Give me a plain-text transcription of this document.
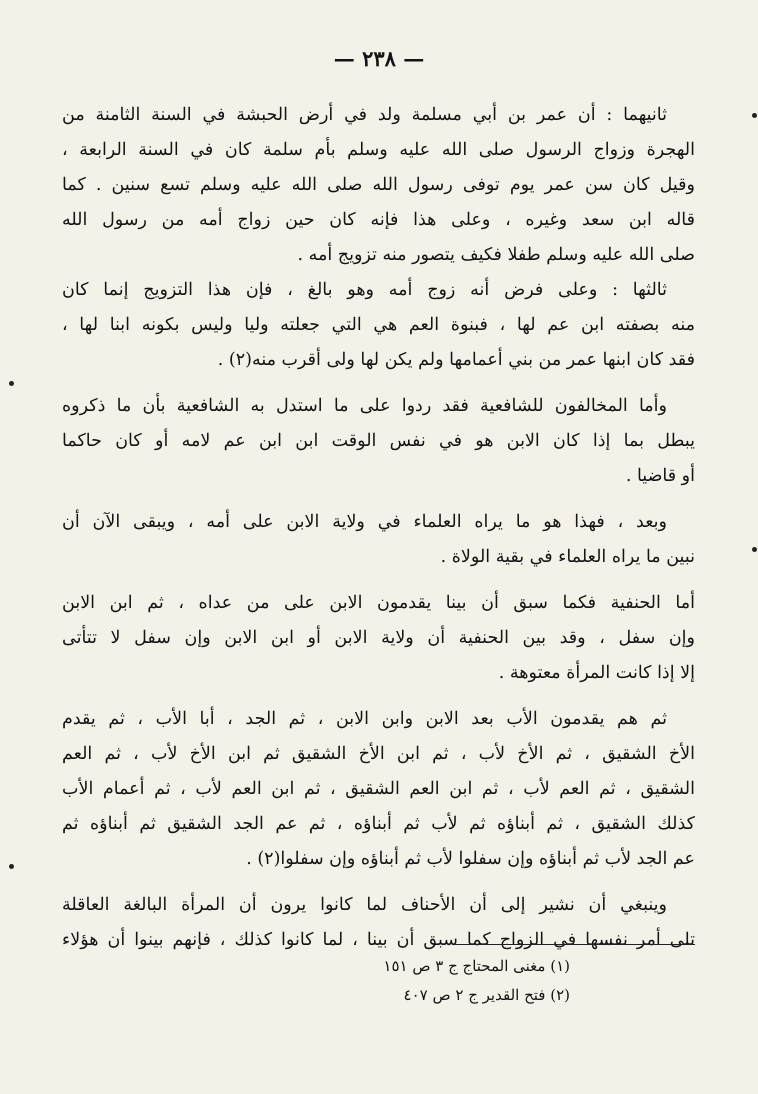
— ٢٣٨ —
ثانيهما : أن عمر بن أبي مسلمة ولد في أرض الحبشة في السنة الثامنة من
الهجرة وزواج الرسول صلى الله عليه وسلم بأم سلمة كان في السنة الرابعة ،
وقيل كان سن عمر يوم توفى رسول الله صلى الله عليه وسلم تسع سنين . كما
قاله ابن سعد وغيره ، وعلى هذا فإنه كان حين زواج أمه من رسول الله
صلى الله عليه وسلم طفلا فكيف يتصور منه تزويج أمه .
ثالثها : وعلى فرض أنه زوج أمه وهو بالغ ، فإن هذا التزويج إنما كان
منه بصفته ابن عم لها ، فبنوة العم هي التي جعلته وليا وليس بكونه ابنا لها ،
فقد كان ابنها عمر من بني أعمامها ولم يكن لها ولى أقرب منه(٢) .
وأما المخالفون للشافعية فقد ردوا على ما استدل به الشافعية بأن ما ذكروه
يبطل بما إذا كان الابن هو في نفس الوقت ابن ابن عم لامه أو كان حاكما
أو قاضيا .
وبعد ، فهذا هو ما يراه العلماء في ولاية الابن على أمه ، ويبقى الآن أن
نبين ما يراه العلماء في بقية الولاة .
أما الحنفية فكما سبق أن بينا يقدمون الابن على من عداه ، ثم ابن الابن
وإن سفل ، وقد بين الحنفية أن ولاية الابن أو ابن الابن وإن سفل لا تتأتى
إلا إذا كانت المرأة معتوهة .
ثم هم يقدمون الأب بعد الابن وابن الابن ، ثم الجد ، أبا الأب ، ثم يقدم
الأخ الشقيق ، ثم الأخ لأب ، ثم ابن الأخ الشقيق ثم ابن الأخ لأب ، ثم العم
الشقيق ، ثم العم لأب ، ثم ابن العم الشقيق ، ثم ابن العم لأب ، ثم أعمام الأب
كذلك الشقيق ، ثم أبناؤه ثم لأب ثم أبناؤه ، ثم عم الجد الشقيق ثم أبناؤه ثم
عم الجد لأب ثم أبناؤه وإن سفلوا لأب ثم أبناؤه وإن سفلوا(٢) .
وينبغي أن نشير إلى أن الأحناف لما كانوا يرون أن المرأة البالغة العاقلة
تلى أمر نفسها في الزواج كما سبق أن بينا ، لما كانوا كذلك ، فإنهم بينوا أن هؤلاء
(١) مغنى المحتاج ج ٣ ص ١٥١
(٢) فتح القدير ج ٢ ص ٤٠٧
